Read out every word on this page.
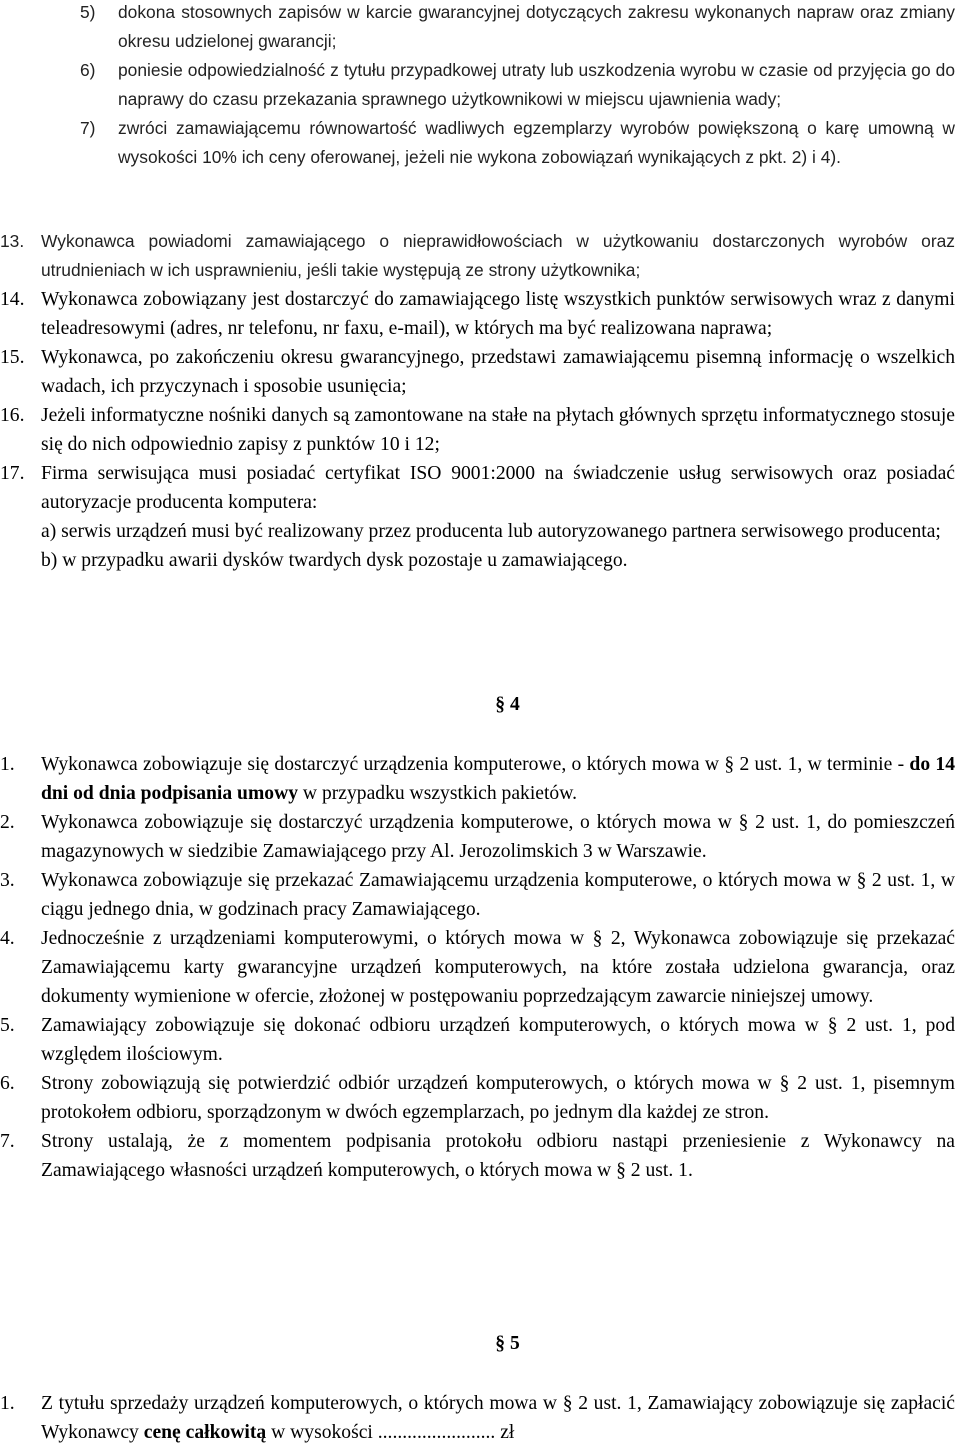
5) dokona stosownych zapisów w karcie gwarancyjnej dotyczących zakresu wykonanych napraw oraz zmiany okresu udzielonej gwarancji;
6) poniesie odpowiedzialność z tytułu przypadkowej utraty lub uszkodzenia wyrobu w czasie od przyjęcia go do naprawy do czasu przekazania sprawnego użytkownikowi w miejscu ujawnienia wady;
7) zwróci zamawiającemu równowartość wadliwych egzemplarzy wyrobów powiększoną o karę umowną w wysokości 10% ich ceny oferowanej, jeżeli nie wykona zobowiązań wynikających z pkt. 2) i 4).
13. Wykonawca powiadomi zamawiającego o nieprawidłowościach w użytkowaniu dostarczonych wyrobów oraz utrudnieniach w ich usprawnieniu, jeśli takie występują ze strony użytkownika;
14. Wykonawca zobowiązany jest dostarczyć do zamawiającego listę wszystkich punktów serwisowych wraz z danymi teleadresowymi (adres, nr telefonu, nr faxu, e-mail), w których ma być realizowana naprawa;
15. Wykonawca, po zakończeniu okresu gwarancyjnego, przedstawi zamawiającemu pisemną informację o wszelkich wadach, ich przyczynach i sposobie usunięcia;
16. Jeżeli informatyczne nośniki danych są zamontowane na stałe na płytach głównych sprzętu informatycznego stosuje się do nich odpowiednio zapisy z punktów 10 i 12;
17. Firma serwisująca musi posiadać certyfikat ISO 9001:2000 na świadczenie usług serwisowych oraz posiadać autoryzacje producenta komputera:
a) serwis urządzeń musi być realizowany przez producenta lub autoryzowanego partnera serwisowego producenta;
b) w przypadku awarii dysków twardych dysk pozostaje u zamawiającego.
§ 4
1. Wykonawca zobowiązuje się dostarczyć urządzenia komputerowe, o których mowa w § 2 ust. 1, w terminie - do 14 dni od dnia podpisania umowy w przypadku wszystkich pakietów.
2. Wykonawca zobowiązuje się dostarczyć urządzenia komputerowe, o których mowa w § 2 ust. 1, do pomieszczeń magazynowych w siedzibie Zamawiającego przy Al. Jerozolimskich 3 w Warszawie.
3. Wykonawca zobowiązuje się przekazać Zamawiającemu urządzenia komputerowe, o których mowa w § 2 ust. 1, w ciągu jednego dnia, w godzinach pracy Zamawiającego.
4. Jednocześnie z urządzeniami komputerowymi, o których mowa w § 2, Wykonawca zobowiązuje się przekazać Zamawiającemu karty gwarancyjne urządzeń komputerowych, na które została udzielona gwarancja, oraz dokumenty wymienione w ofercie, złożonej w postępowaniu poprzedzającym zawarcie niniejszej umowy.
5. Zamawiający zobowiązuje się dokonać odbioru urządzeń komputerowych, o których mowa w § 2 ust. 1, pod względem ilościowym.
6. Strony zobowiązują się potwierdzić odbiór urządzeń komputerowych, o których mowa w § 2 ust. 1, pisemnym protokołem odbioru, sporządzonym w dwóch egzemplarzach, po jednym dla każdej ze stron.
7. Strony ustalają, że z momentem podpisania protokołu odbioru nastąpi przeniesienie z Wykonawcy na Zamawiającego własności urządzeń komputerowych, o których mowa w § 2 ust. 1.
§ 5
1. Z tytułu sprzedaży urządzeń komputerowych, o których mowa w § 2 ust. 1, Zamawiający zobowiązuje się zapłacić Wykonawcy cenę całkowitą w wysokości ........................ zł
